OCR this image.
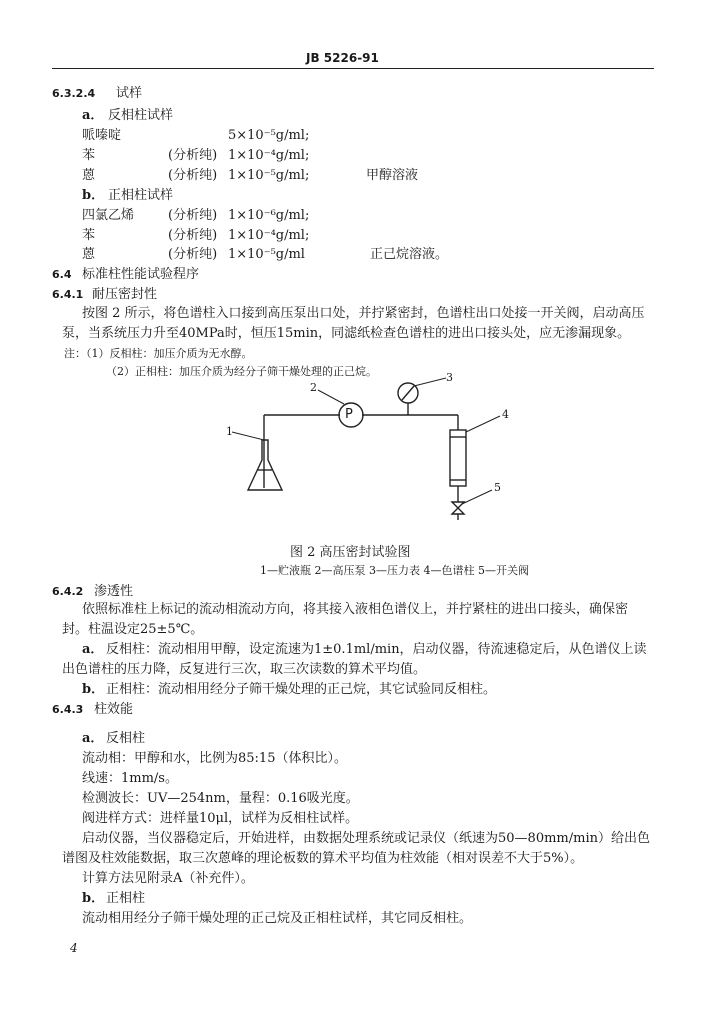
JB 5226-91
6.3.2.4 试样
a． 反相柱试样
哌嗪啶	5×10⁻⁵g/ml;
苯	(分析纯) 1×10⁻⁴g/ml;
蒽	(分析纯) 1×10⁻⁵g/ml;	甲醇溶液
b． 正相柱试样
四氯乙烯	(分析纯) 1×10⁻⁶g/ml;
苯	(分析纯) 1×10⁻⁴g/ml;
蒽	(分析纯) 1×10⁻⁵g/ml	正己烷溶液。
6.4 标准柱性能试验程序
6.4.1 耐压密封性
按图 2 所示，将色谱柱入口接到高压泵出口处，并拧紧密封，色谱柱出口处接一开关阀，启动高压
泵，当系统压力升至40MPa时，恒压15min，同滤纸检查色谱柱的进出口接头处，应无渗漏现象。
注：（1）反相柱：加压介质为无水醇。
（2）正相柱：加压介质为经分子筛干燥处理的正己烷。
1
2
3
4
5
P
图 2 高压密封试验图
1—贮液瓶 2—高压泵 3—压力表 4—色谱柱 5—开关阀
6.4.2 渗透性
依照标准柱上标记的流动相流动方向，将其接入液相色谱仪上，并拧紧柱的进出口接头，确保密
封。柱温设定25±5℃。
a． 反相柱：流动相用甲醇，设定流速为1±0.1ml/min，启动仪器，待流速稳定后，从色谱仪上读
出色谱柱的压力降，反复进行三次，取三次读数的算术平均值。
b． 正相柱：流动相用经分子筛干燥处理的正己烷，其它试验同反相柱。
6.4.3 柱效能
a． 反相柱
流动相：甲醇和水，比例为85:15（体积比）。
线速：1mm/s。
检测波长：UV—254nm，量程：0.16吸光度。
阀进样方式：进样量10μl，试样为反相柱试样。
启动仪器，当仪器稳定后，开始进样，由数据处理系统或记录仪（纸速为50—80mm/min）给出色
谱图及柱效能数据，取三次蒽峰的理论板数的算术平均值为柱效能（相对误差不大于5%）。
计算方法见附录A（补充件）。
b． 正相柱
流动相用经分子筛干燥处理的正己烷及正相柱试样，其它同反相柱。
4
